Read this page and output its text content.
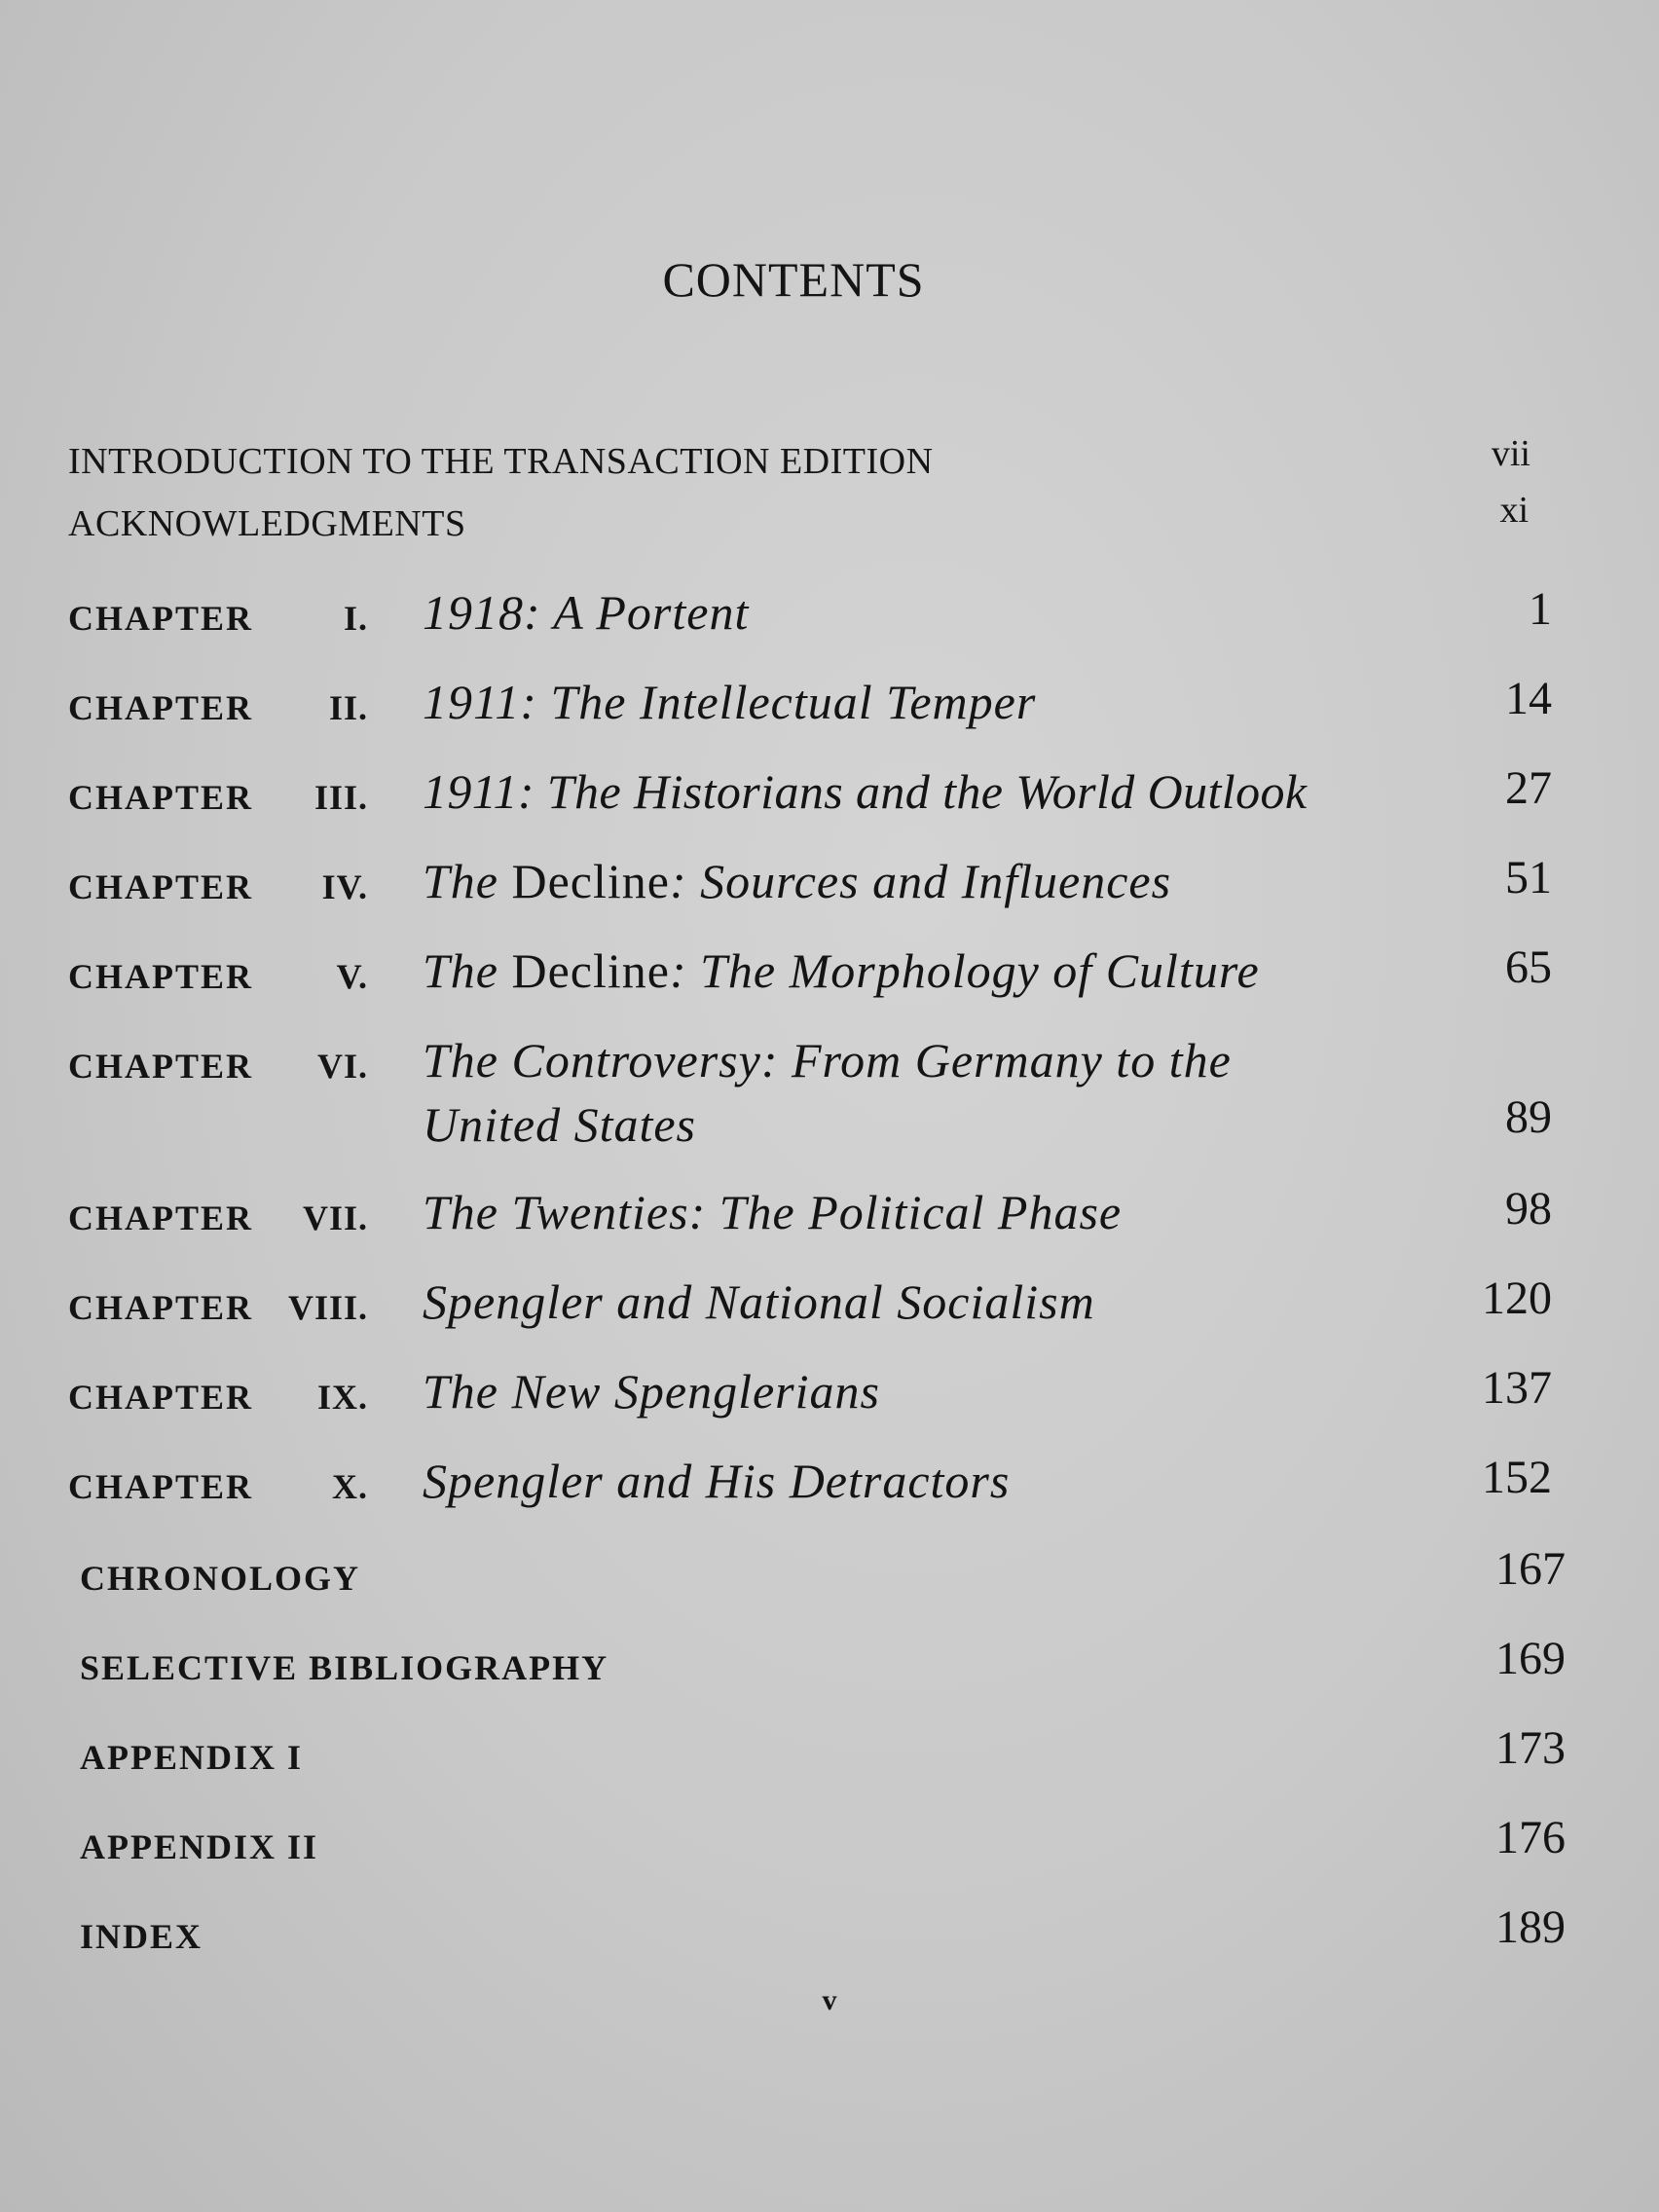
CONTENTS
INTRODUCTION TO THE TRANSACTION EDITION	vii
ACKNOWLEDGMENTS	xi
CHAPTER	I. 1918: A Portent	1
CHAPTER II. 1911: The Intellectual Temper	14
CHAPTER III. 1911: The Historians and the World Outlook	27
CHAPTER IV. The Decline: Sources and Influences	51
CHAPTER V. The Decline: The Morphology of Culture	65
CHAPTER VI. The Controversy: From Germany to the
United States	89
CHAPTER VII. The Twenties: The Political Phase	98
CHAPTER VIII. Spengler and National Socialism	120
CHAPTER IX. The New Spenglerians	137
CHAPTER X. Spengler and His Detractors	152
CHRONOLOGY	167
SELECTIVE BIBLIOGRAPHY	169
APPENDIX I	173
APPENDIX II	176
INDEX	189
v
